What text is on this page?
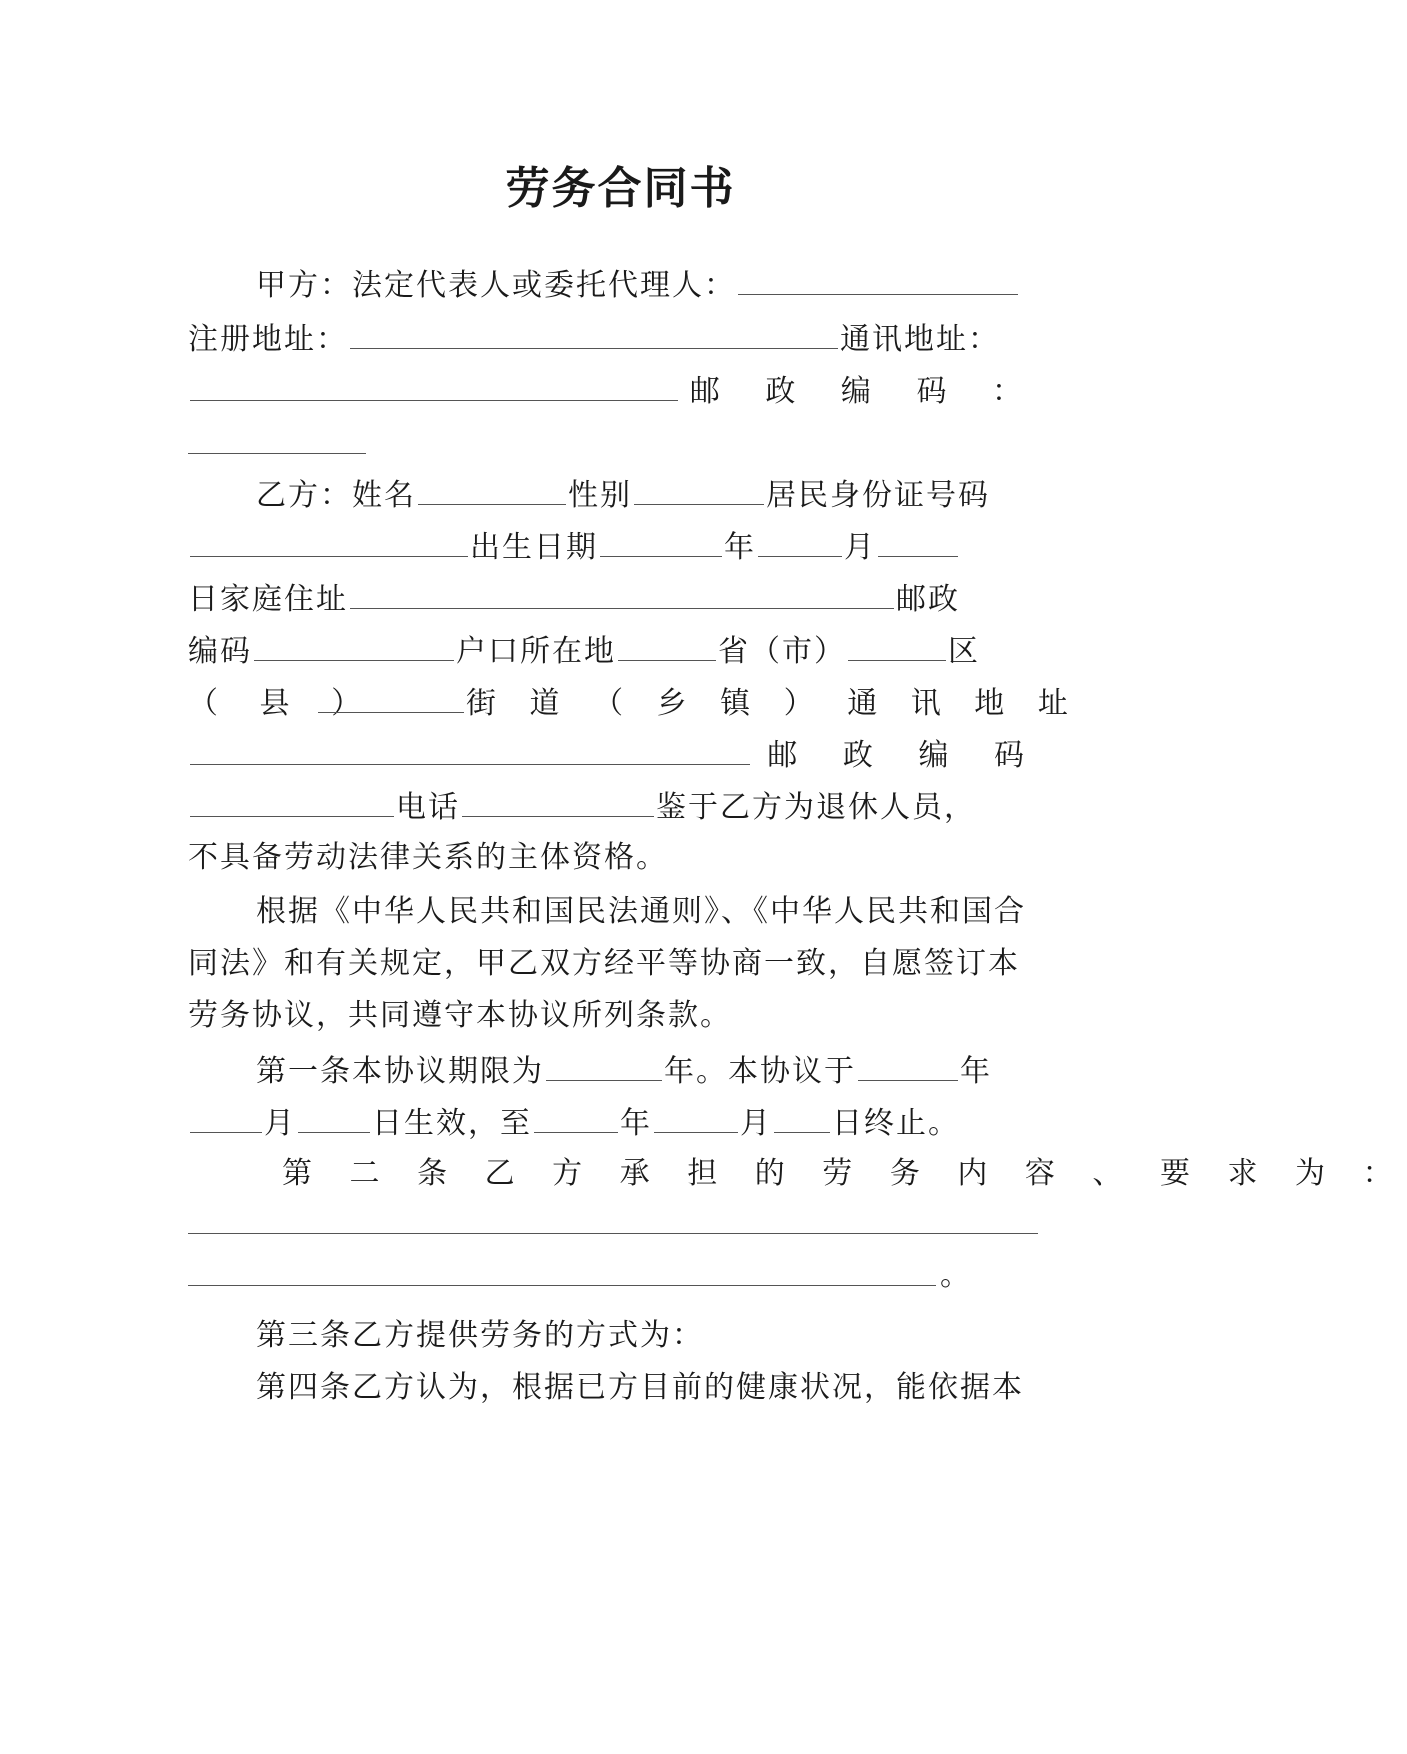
劳务合同书
甲方：法定代表人或委托代理人：
注册地址：	通讯地址：
邮 政 编 码 ：
乙方：姓名	性别	居民身份证号码
出生日期	年	月
日家庭住址	邮政
编码	户口所在地	省（市）	区
（ 县 ）	街 道 （ 乡 镇 ） 通 讯 地 址
邮 政 编 码
电话	鉴于乙方为退休人员，
不具备劳动法律关系的主体资格。
根据《中华人民共和国民法通则》、《中华人民共和国合
同法》和有关规定，甲乙双方经平等协商一致，自愿签订本
劳务协议，共同遵守本协议所列条款。
第一条本协议期限为	年。本协议于	年
月	日生效，至	年	月 日终止。
第 二 条 乙 方 承 担 的 劳 务 内 容 、 要 求 为 ：
。
第三条乙方提供劳务的方式为：
第四条乙方认为，根据已方目前的健康状况，能依据本
